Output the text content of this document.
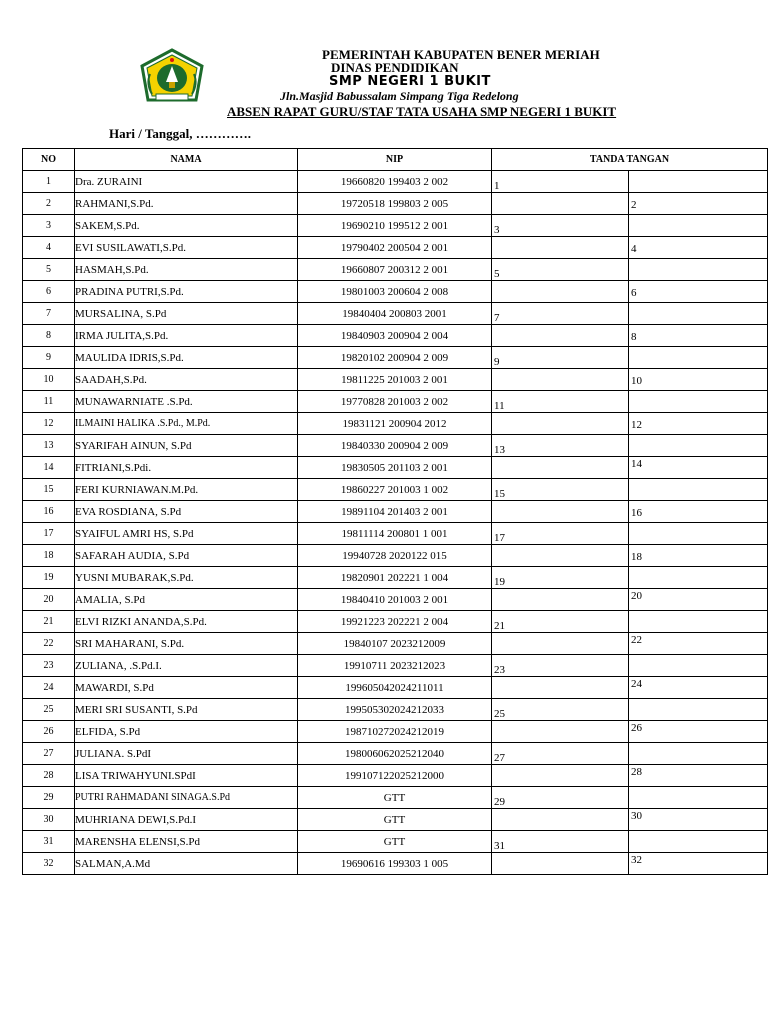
PEMERINTAH KABUPATEN BENER MERIAH
DINAS PENDIDIKAN
SMP NEGERI 1 BUKIT
Jln.Masjid Babussalam Simpang Tiga Redelong
ABSEN RAPAT GURU/STAF TATA USAHA SMP NEGERI 1 BUKIT
Hari / Tanggal, ………….
NO	NAMA	NIP	TANDA TANGAN	
1	Dra. ZURAINI	19660820 199403 2 002	1	

2	RAHMANI,S.Pd.	19720518 199803 2 005		2

3	SAKEM,S.Pd.	19690210 199512 2 001	3	

4	EVI SUSILAWATI,S.Pd.	19790402 200504 2 001		4

5	HASMAH,S.Pd.	19660807 200312 2 001	5	

6	PRADINA PUTRI,S.Pd.	19801003 200604 2 008		6

7	MURSALINA, S.Pd	19840404 200803 2001	7	

8	IRMA JULITA,S.Pd.	19840903 200904 2 004		8

9	MAULIDA IDRIS,S.Pd.	19820102 200904 2 009	9	

10	SAADAH,S.Pd.	19811225 201003 2 001		10

11	MUNAWARNIATE .S.Pd.	19770828 201003 2 002	11	

12	ILMAINI HALIKA .S.Pd., M.Pd.	19831121 200904 2012		12

13	SYARIFAH AINUN, S.Pd	19840330 200904 2 009	13	

14	FITRIANI,S.Pdi.	19830505 201103 2 001		14

15	FERI KURNIAWAN.M.Pd.	19860227 201003 1 002	15	

16	EVA ROSDIANA, S.Pd	19891104 201403 2 001		16

17	SYAIFUL AMRI HS, S.Pd	19811114 200801 1 001	17	

18	SAFARAH AUDIA, S.Pd	19940728 2020122 015		18

19	YUSNI MUBARAK,S.Pd.	19820901 202221 1 004	19	

20	AMALIA, S.Pd	19840410 201003 2 001		20

21	ELVI RIZKI ANANDA,S.Pd.	19921223 202221 2 004	21	

22	SRI MAHARANI, S.Pd.	19840107 2023212009		22

23	ZULIANA, .S.Pd.I.	19910711 2023212023	23	

24	MAWARDI, S.Pd	199605042024211011		24

25	MERI SRI SUSANTI, S.Pd	199505302024212033	25	

26	ELFIDA, S.Pd	198710272024212019		26

27	JULIANA. S.PdI	198006062025212040	27	

28	LISA TRIWAHYUNI.SPdI	199107122025212000		28

29	PUTRI RAHMADANI SINAGA.S.Pd	GTT	29	

30	MUHRIANA DEWI,S.Pd.I	GTT		30

31	MARENSHA ELENSI,S.Pd	GTT	31	

32	SALMAN,A.Md	19690616 199303 1 005		32
